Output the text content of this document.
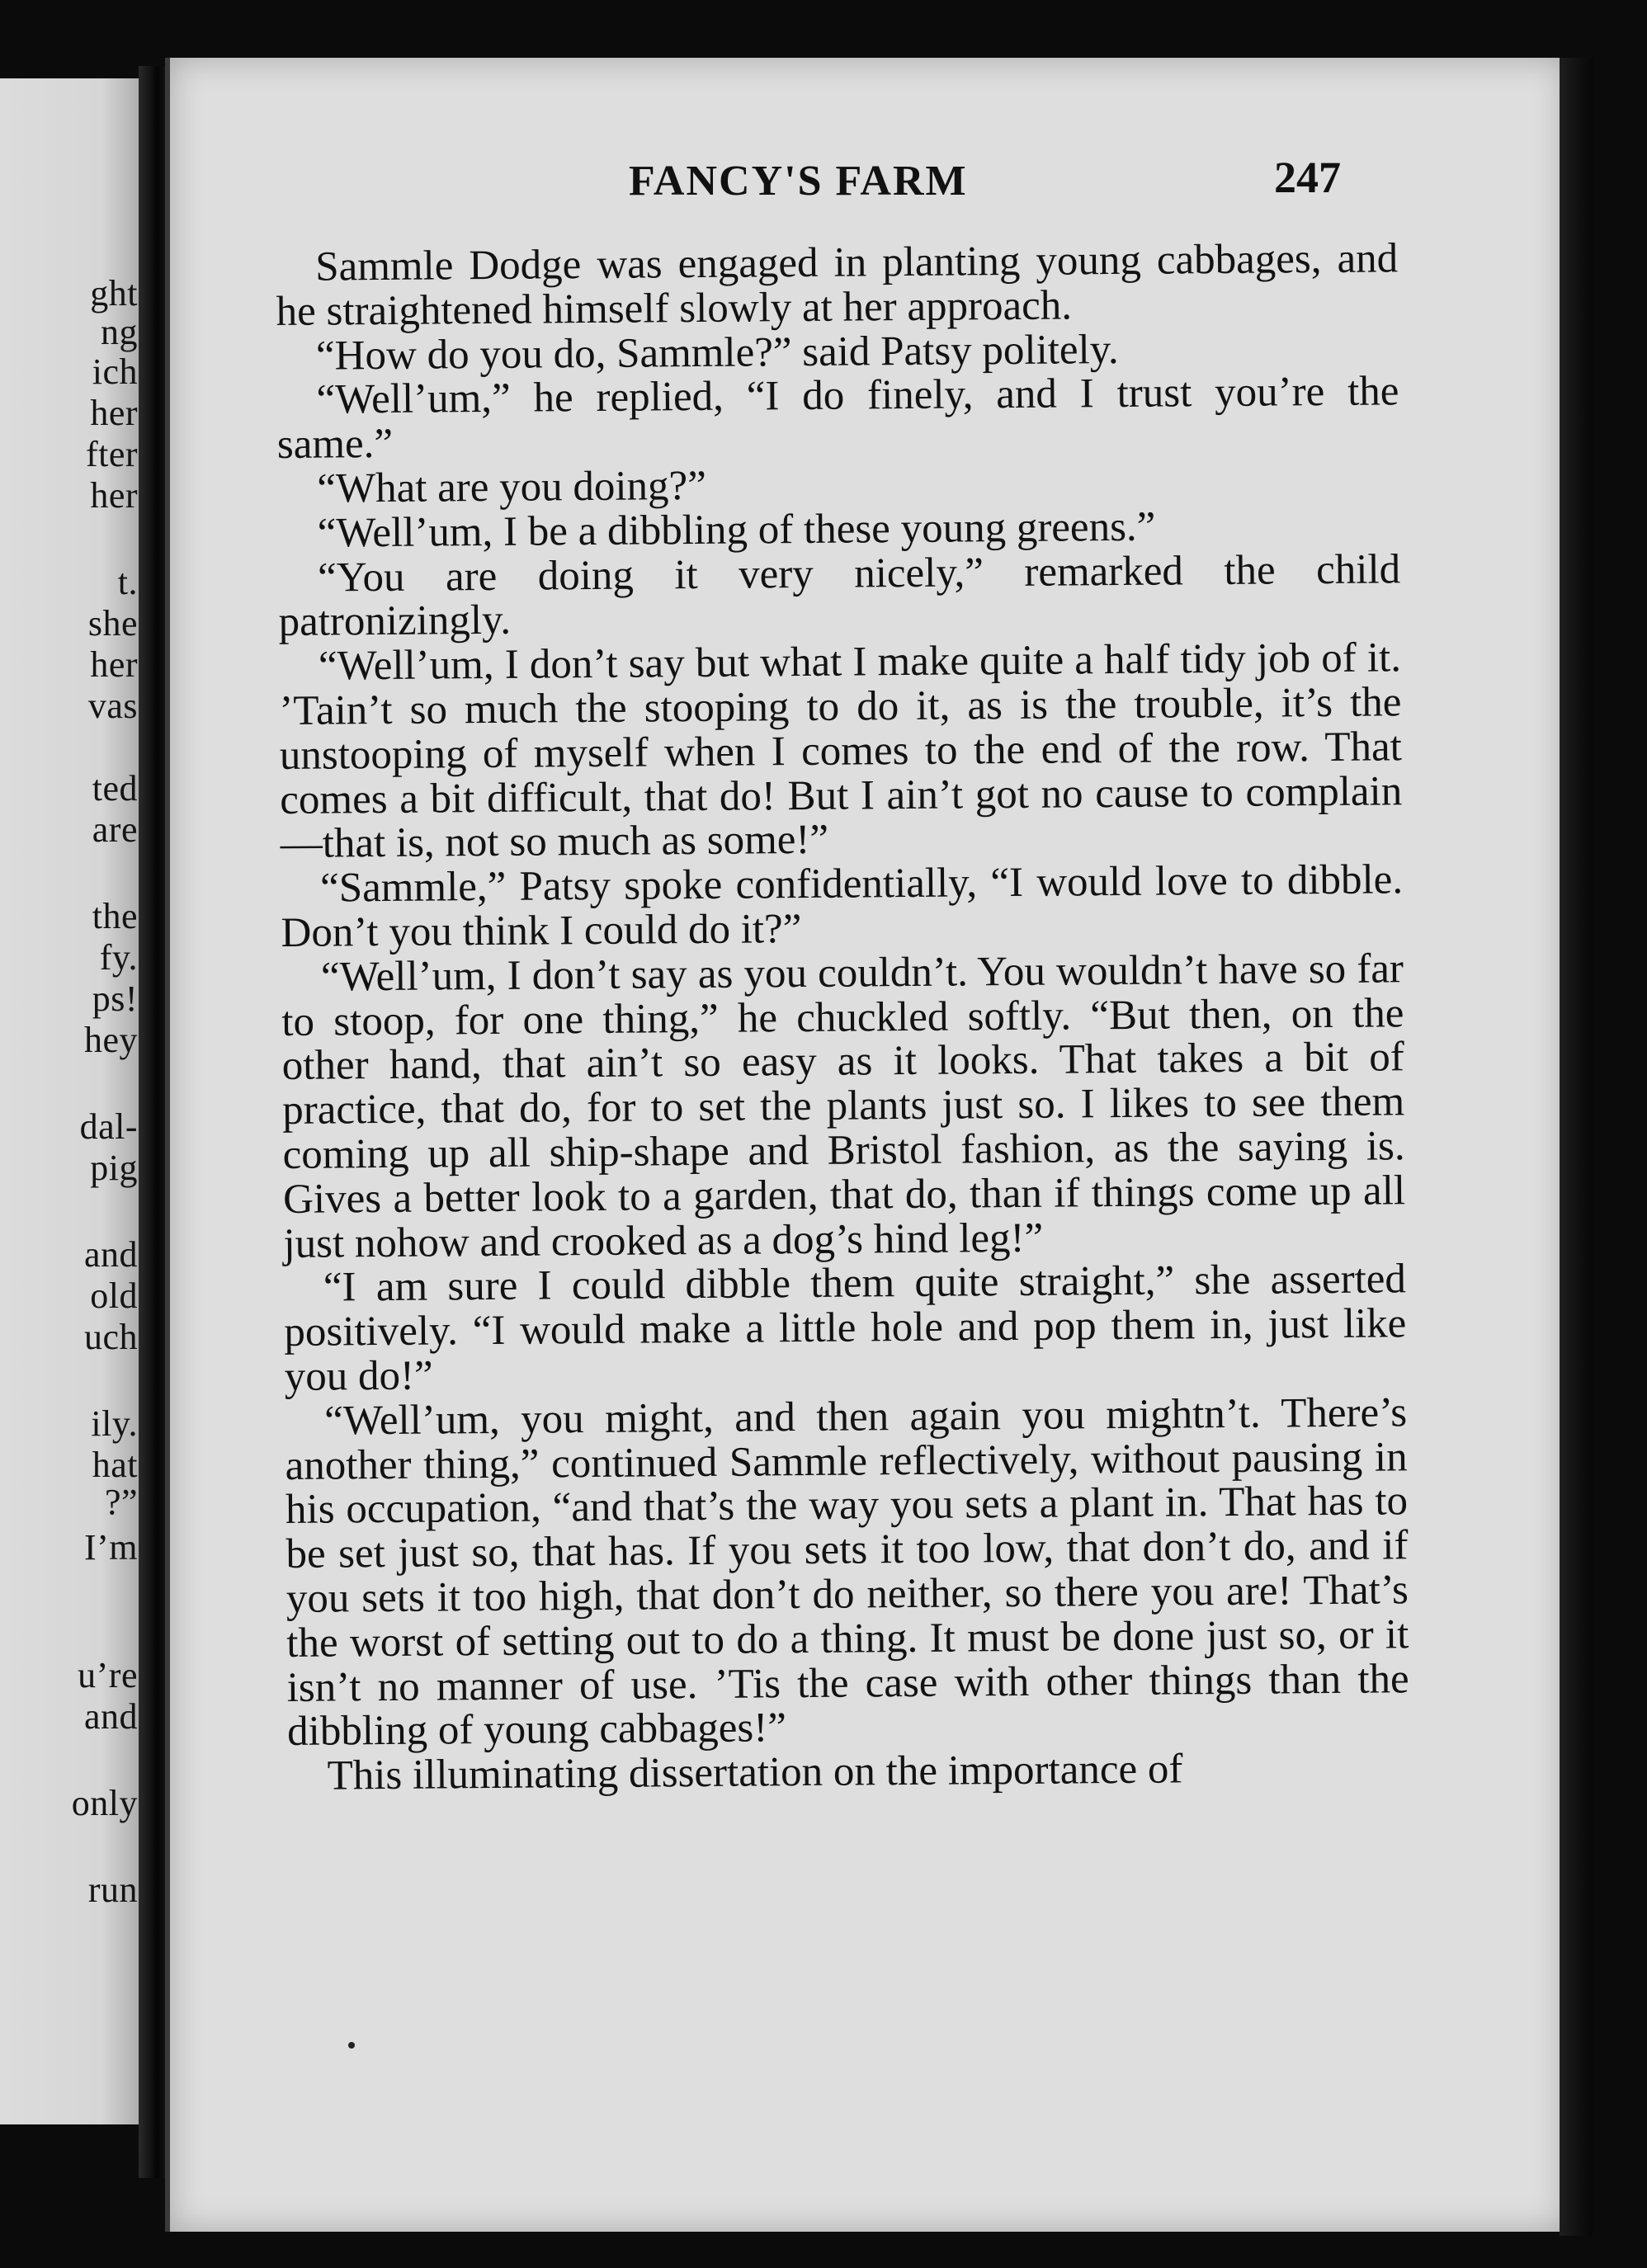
ght
ng
ich
her
fter
her
t.
she
her
vas
ted
are
the
fy.
ps!
hey
dal-
pig
and
old
uch
ily.
hat
?”
I’m
u’re
and
only
run
FANCY'S FARM	247

Sammle Dodge was engaged in planting young cabbages, and he straightened himself slowly at her approach.

“How do you do, Sammle?” said Patsy politely.

“Well’um,” he replied, “I do finely, and I trust you’re the same.”

“What are you doing?”

“Well’um, I be a dibbling of these young greens.”

“You are doing it very nicely,” remarked the child patronizingly.

“Well’um, I don’t say but what I make quite a half tidy job of it. ’Tain’t so much the stooping to do it, as is the trouble, it’s the unstooping of myself when I comes to the end of the row. That comes a bit difficult, that do! But I ain’t got no cause to complain—that is, not so much as some!”

“Sammle,” Patsy spoke confidentially, “I would love to dibble. Don’t you think I could do it?”

“Well’um, I don’t say as you couldn’t. You wouldn’t have so far to stoop, for one thing,” he chuckled softly. “But then, on the other hand, that ain’t so easy as it looks. That takes a bit of practice, that do, for to set the plants just so. I likes to see them coming up all ship-shape and Bristol fashion, as the saying is. Gives a better look to a garden, that do, than if things come up all just nohow and crooked as a dog’s hind leg!”

“I am sure I could dibble them quite straight,” she asserted positively. “I would make a little hole and pop them in, just like you do!”

“Well’um, you might, and then again you mightn’t. There’s another thing,” continued Sammle reflectively, without pausing in his occupation, “and that’s the way you sets a plant in. That has to be set just so, that has. If you sets it too low, that don’t do, and if you sets it too high, that don’t do neither, so there you are! That’s the worst of setting out to do a thing. It must be done just so, or it isn’t no manner of use. ’Tis the case with other things than the dibbling of young cabbages!”

This illuminating dissertation on the importance of
